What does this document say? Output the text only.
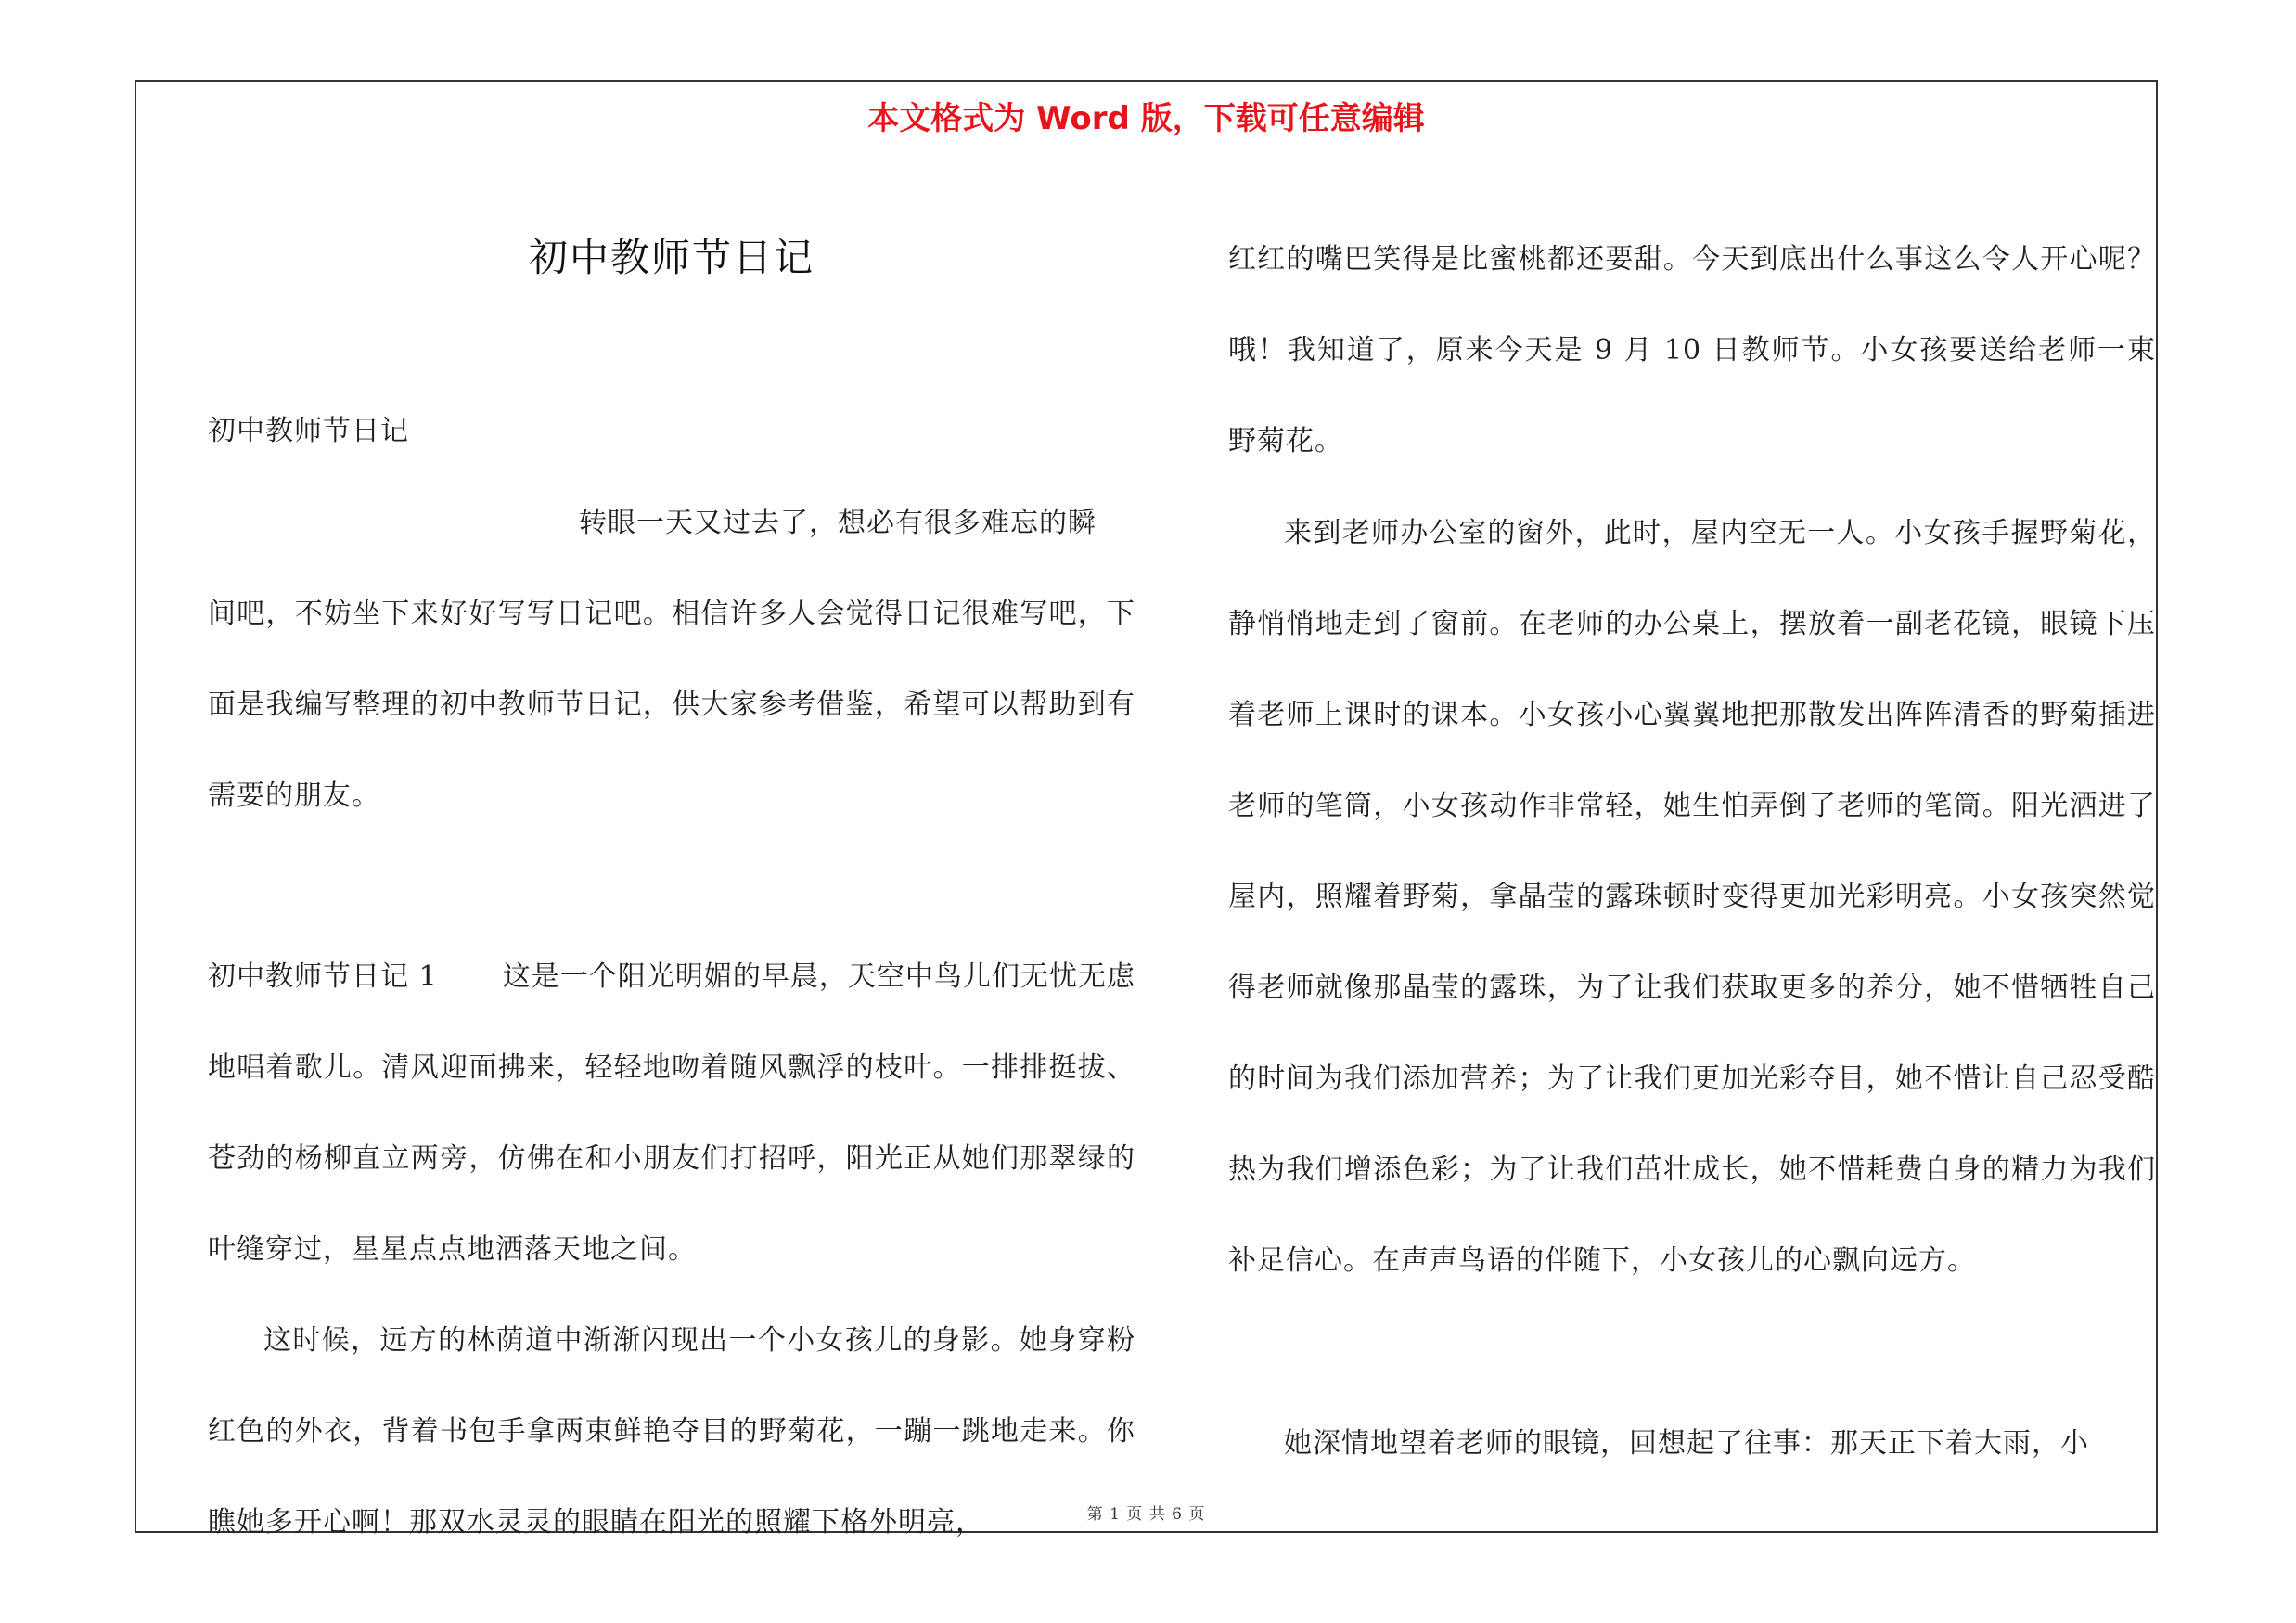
本文格式为 Word 版，下载可任意编辑
初中教师节日记
初中教师节日记
转眼一天又过去了，想必有很多难忘的瞬
间吧，不妨坐下来好好写写日记吧。相信许多人会觉得日记很难写吧，下面是我编写整理的初中教师节日记，供大家参考借鉴，希望可以帮助到有需要的朋友。
初中教师节日记 1 这是一个阳光明媚的早晨，天空中鸟儿们无忧无虑地唱着歌儿。清风迎面拂来，轻轻地吻着随风飘浮的枝叶。一排排挺拔、苍劲的杨柳直立两旁，仿佛在和小朋友们打招呼，阳光正从她们那翠绿的叶缝穿过，星星点点地洒落天地之间。
这时候，远方的林荫道中渐渐闪现出一个小女孩儿的身影。她身穿粉红色的外衣，背着书包手拿两束鲜艳夺目的野菊花，一蹦一跳地走来。你瞧她多开心啊！那双水灵灵的眼睛在阳光的照耀下格外明亮，
红红的嘴巴笑得是比蜜桃都还要甜。今天到底出什么事这么令人开心呢？哦！我知道了，原来今天是 9 月 10 日教师节。小女孩要送给老师一束野菊花。
来到老师办公室的窗外，此时，屋内空无一人。小女孩手握野菊花，静悄悄地走到了窗前。在老师的办公桌上，摆放着一副老花镜，眼镜下压着老师上课时的课本。小女孩小心翼翼地把那散发出阵阵清香的野菊插进老师的笔筒，小女孩动作非常轻，她生怕弄倒了老师的笔筒。阳光洒进了屋内，照耀着野菊，拿晶莹的露珠顿时变得更加光彩明亮。小女孩突然觉得老师就像那晶莹的露珠，为了让我们获取更多的养分，她不惜牺牲自己的时间为我们添加营养；为了让我们更加光彩夺目，她不惜让自己忍受酷热为我们增添色彩；为了让我们茁壮成长，她不惜耗费自身的精力为我们补足信心。在声声鸟语的伴随下，小女孩儿的心飘向远方。
她深情地望着老师的眼镜，回想起了往事：那天正下着大雨，小
第 1 页 共 6 页
